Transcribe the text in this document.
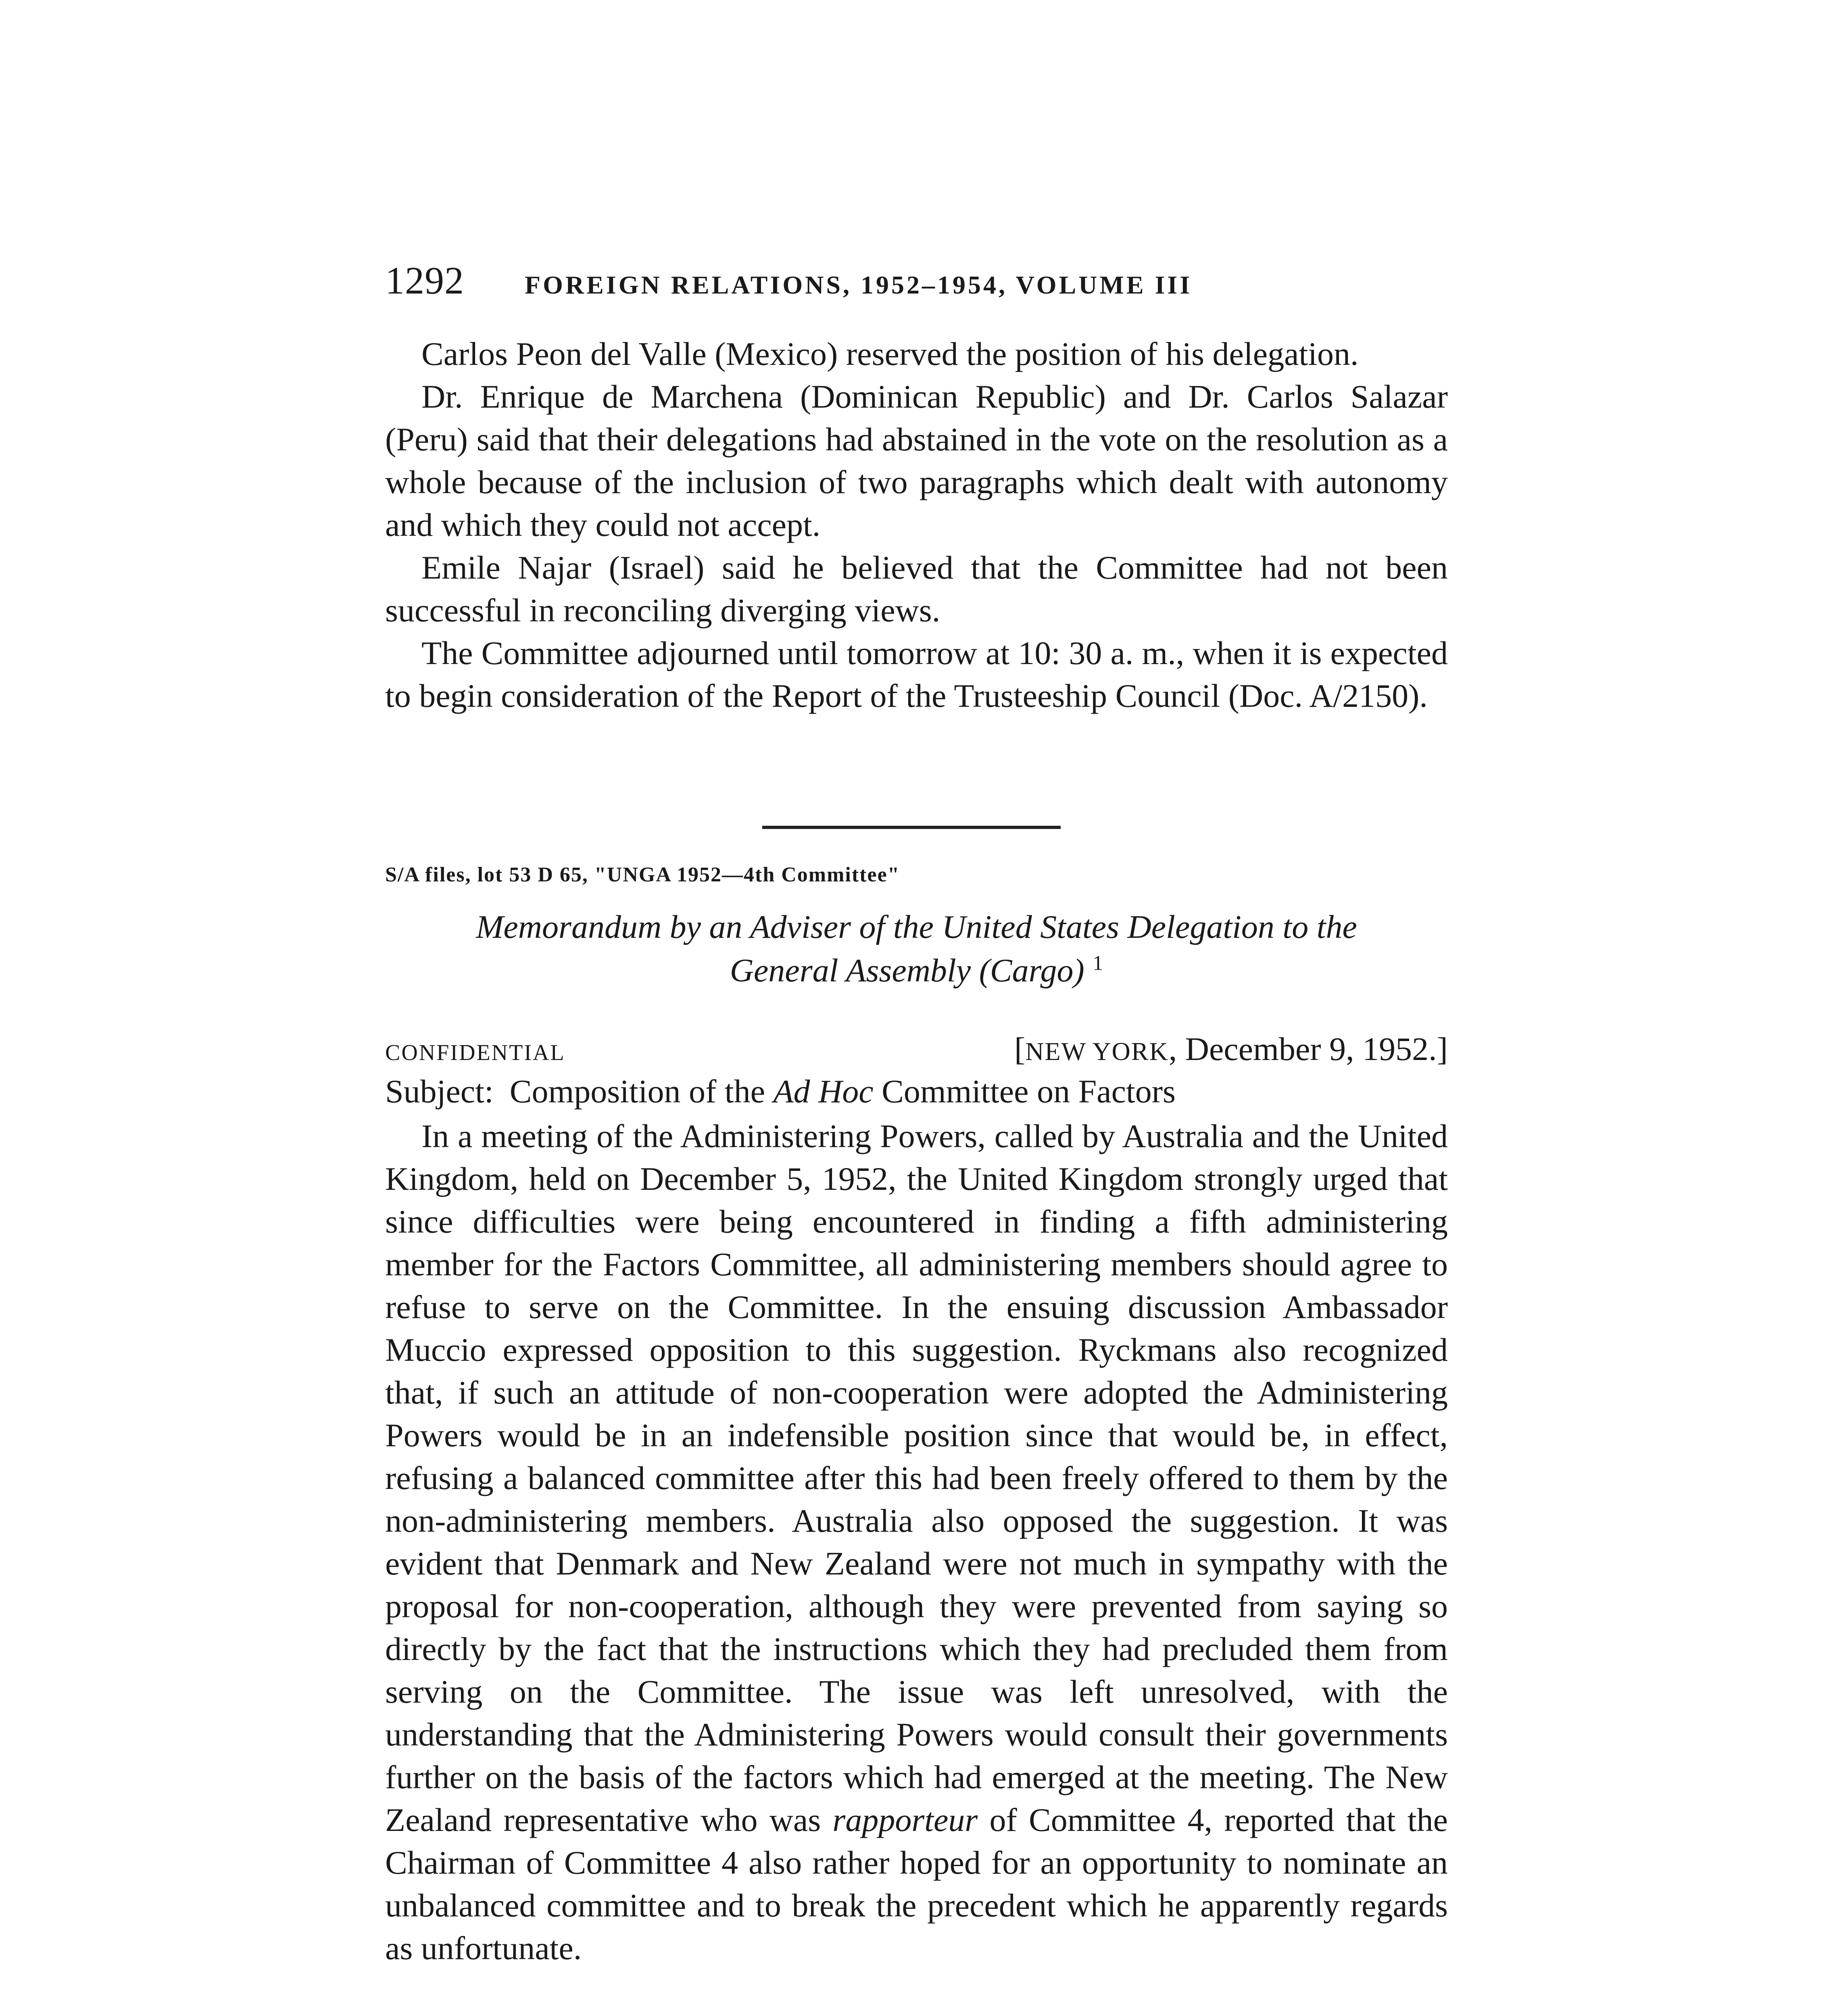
1292 FOREIGN RELATIONS, 1952–1954, VOLUME III

Carlos Peon del Valle (Mexico) reserved the position of his delegation.

Dr. Enrique de Marchena (Dominican Republic) and Dr. Carlos Salazar (Peru) said that their delegations had abstained in the vote on the resolution as a whole because of the inclusion of two paragraphs which dealt with autonomy and which they could not accept.

Emile Najar (Israel) said he believed that the Committee had not been successful in reconciling diverging views.

The Committee adjourned until tomorrow at 10: 30 a. m., when it is expected to begin consideration of the Report of the Trusteeship Council (Doc. A/2150).

S/A files, lot 53 D 65, "UNGA 1952—4th Committee"
Memorandum by an Adviser of the United States Delegation to the
General Assembly (Cargo) $^1$
CONFIDENTIAL	[NEW YORK, December 9, 1952.]
Subject: Composition of the Ad Hoc Committee on Factors

In a meeting of the Administering Powers, called by Australia and the United Kingdom, held on December 5, 1952, the United Kingdom strongly urged that since difficulties were being encountered in finding a fifth administering member for the Factors Committee, all administering members should agree to refuse to serve on the Committee. In the ensuing discussion Ambassador Muccio expressed opposition to this suggestion. Ryckmans also recognized that, if such an attitude of non-cooperation were adopted the Administering Powers would be in an indefensible position since that would be, in effect, refusing a balanced committee after this had been freely offered to them by the non-administering members. Australia also opposed the suggestion. It was evident that Denmark and New Zealand were not much in sympathy with the proposal for non-cooperation, although they were prevented from saying so directly by the fact that the instructions which they had precluded them from serving on the Committee. The issue was left unresolved, with the understanding that the Administering Powers would consult their governments further on the basis of the factors which had emerged at the meeting. The New Zealand representative who was rapporteur of Committee 4, reported that the Chairman of Committee 4 also rather hoped for an opportunity to nominate an unbalanced committee and to break the precedent which he apparently regards as unfortunate.
